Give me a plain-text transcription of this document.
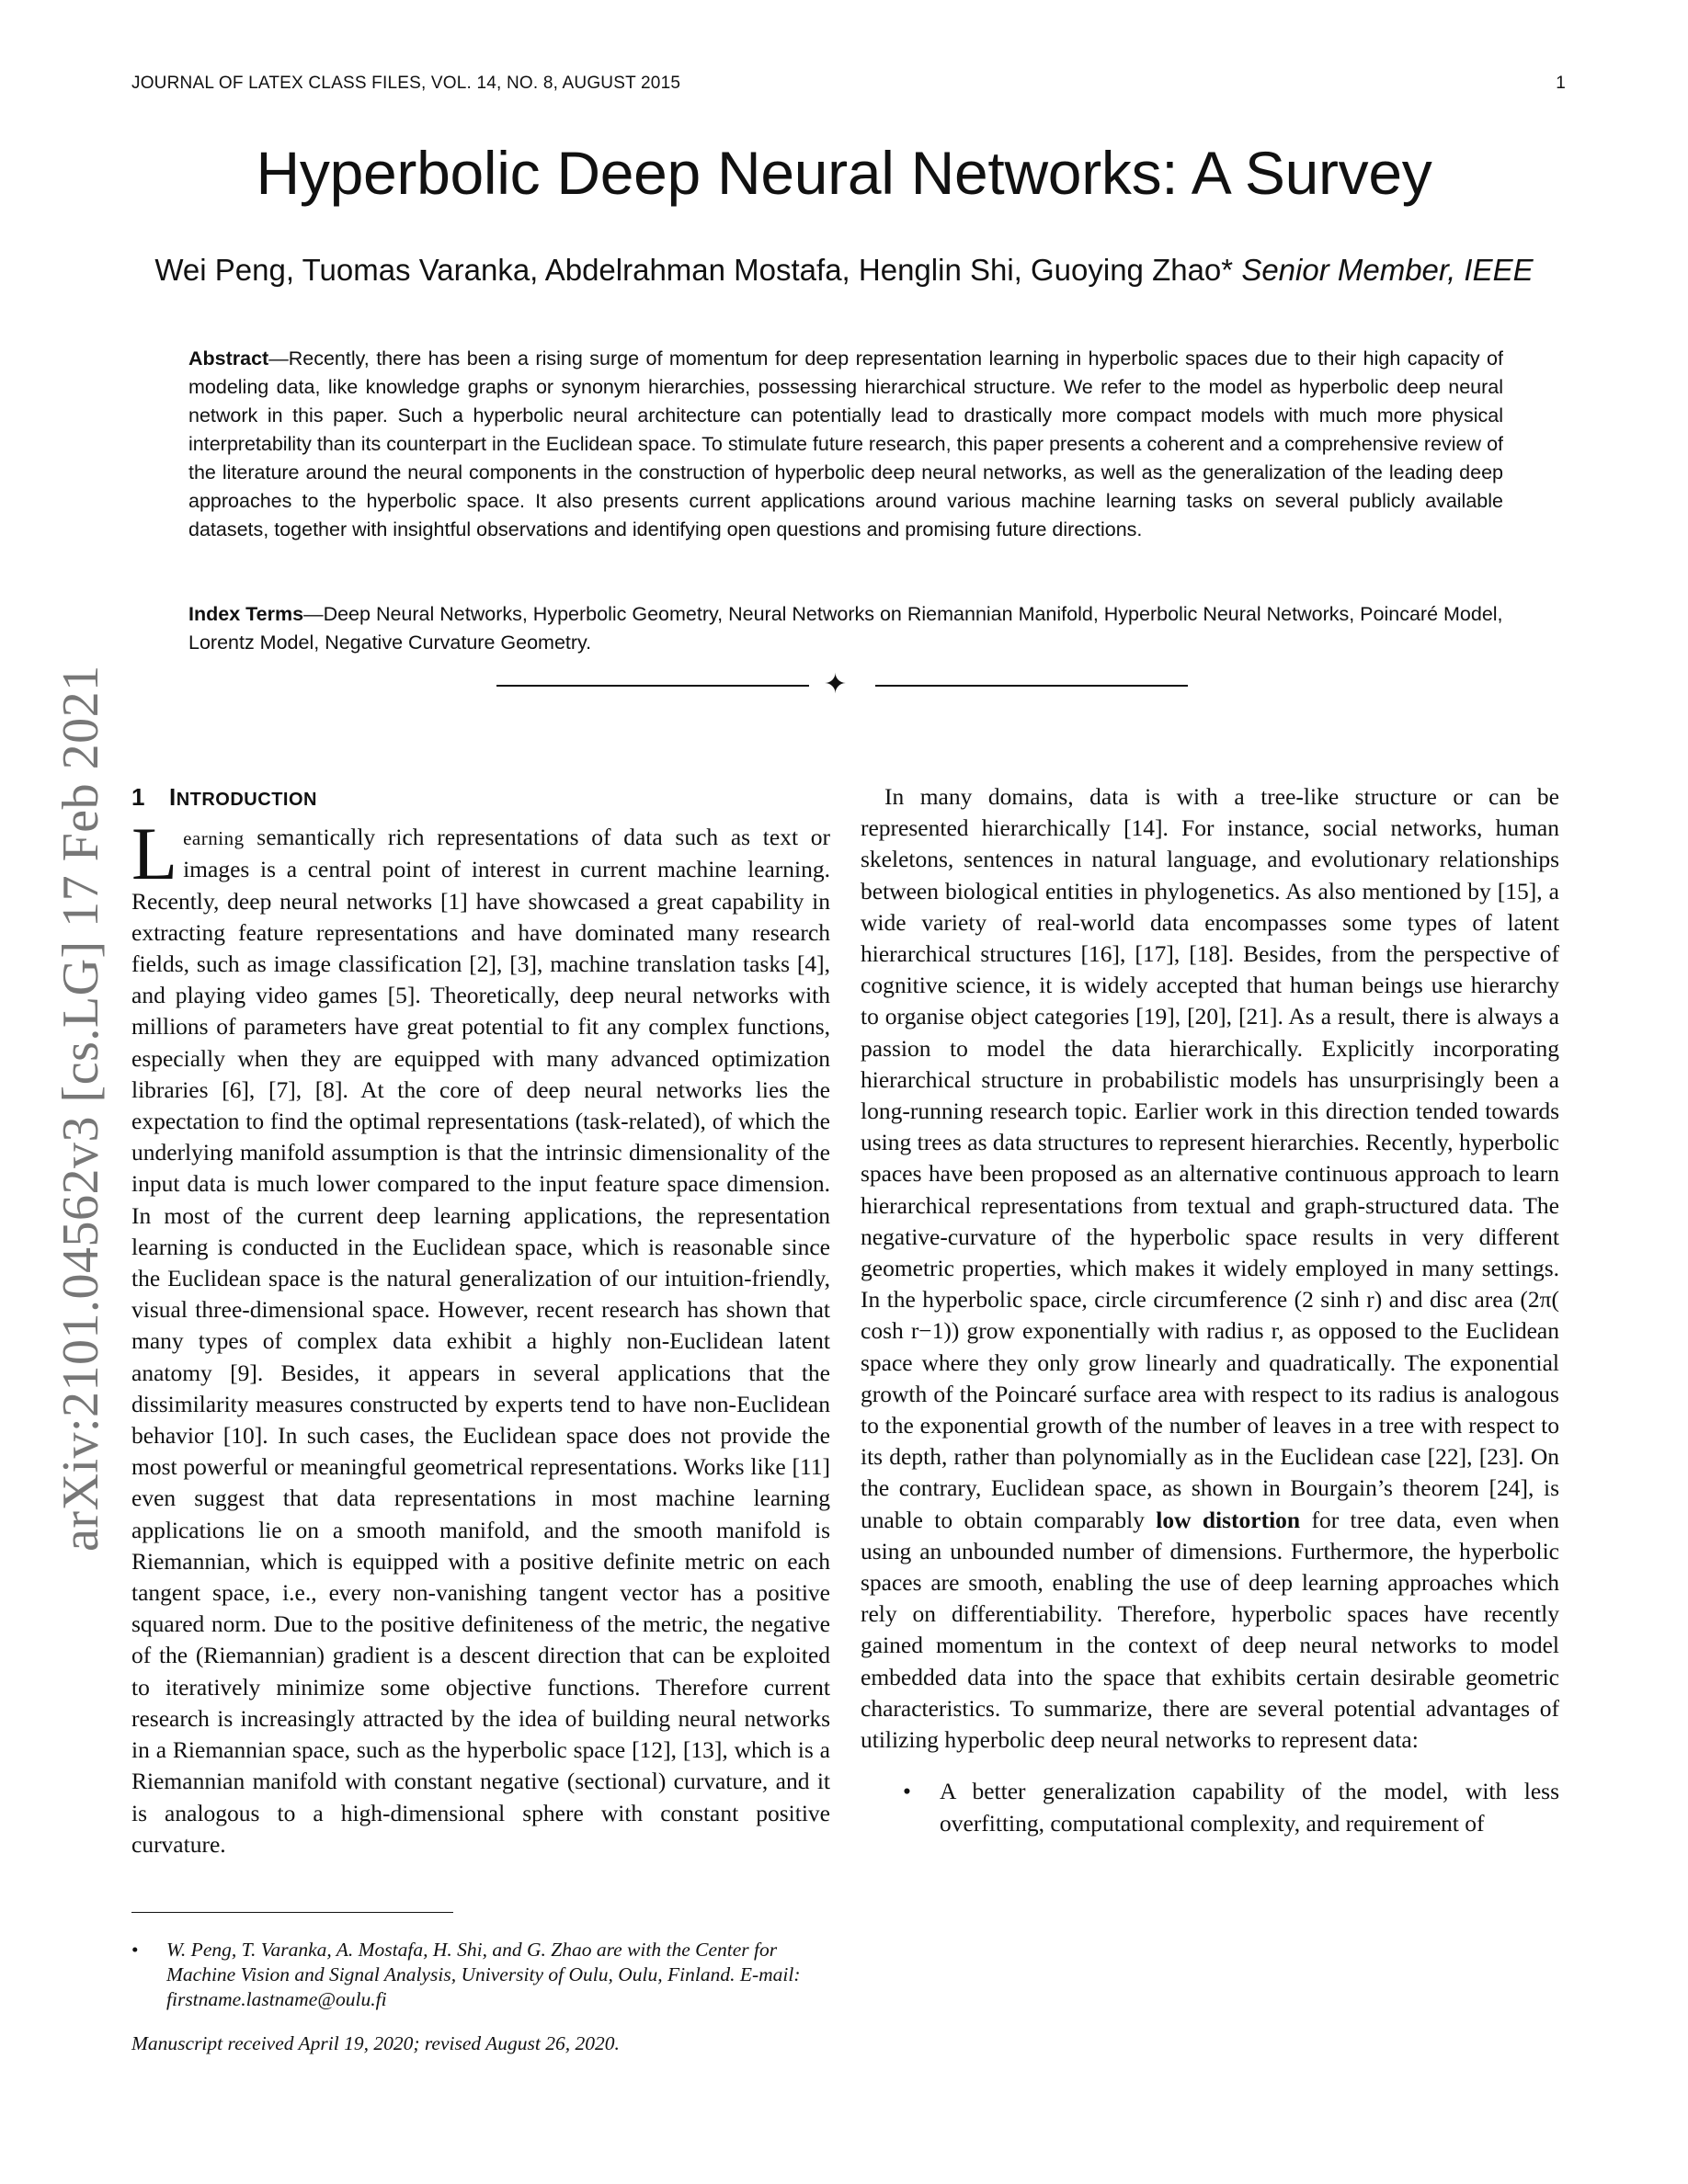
JOURNAL OF LATEX CLASS FILES, VOL. 14, NO. 8, AUGUST 2015	1
Hyperbolic Deep Neural Networks: A Survey
Wei Peng, Tuomas Varanka, Abdelrahman Mostafa, Henglin Shi, Guoying Zhao* Senior Member, IEEE
Abstract—Recently, there has been a rising surge of momentum for deep representation learning in hyperbolic spaces due to their high capacity of modeling data, like knowledge graphs or synonym hierarchies, possessing hierarchical structure. We refer to the model as hyperbolic deep neural network in this paper. Such a hyperbolic neural architecture can potentially lead to drastically more compact models with much more physical interpretability than its counterpart in the Euclidean space. To stimulate future research, this paper presents a coherent and a comprehensive review of the literature around the neural components in the construction of hyperbolic deep neural networks, as well as the generalization of the leading deep approaches to the hyperbolic space. It also presents current applications around various machine learning tasks on several publicly available datasets, together with insightful observations and identifying open questions and promising future directions.
Index Terms—Deep Neural Networks, Hyperbolic Geometry, Neural Networks on Riemannian Manifold, Hyperbolic Neural Networks, Poincaré Model, Lorentz Model, Negative Curvature Geometry.
✦
arXiv:2101.04562v3 [cs.LG] 17 Feb 2021 1 INTRODUCTION

Learning semantically rich representations of data such as text or images is a central point of interest in current machine learning. Recently, deep neural networks [1] have showcased a great capability in extracting feature representations and have dominated many research fields, such as image classification [2], [3], machine translation tasks [4], and playing video games [5]. Theoretically, deep neural networks with millions of parameters have great potential to fit any complex functions, especially when they are equipped with many advanced optimization libraries [6], [7], [8]. At the core of deep neural networks lies the expectation to find the optimal representations (task-related), of which the underlying manifold assumption is that the intrinsic dimensionality of the input data is much lower compared to the input feature space dimension. In most of the current deep learning applications, the representation learning is conducted in the Euclidean space, which is reasonable since the Euclidean space is the natural generalization of our intuition-friendly, visual three-dimensional space. However, recent research has shown that many types of complex data exhibit a highly non-Euclidean latent anatomy [9]. Besides, it appears in several applications that the dissimilarity measures constructed by experts tend to have non-Euclidean behavior [10]. In such cases, the Euclidean space does not provide the most powerful or meaningful geometrical representations. Works like [11] even suggest that data representations in most machine learning applications lie on a smooth manifold, and the smooth manifold is Riemannian, which is equipped with a positive definite metric on each tangent space, i.e., every non-vanishing tangent vector has a positive squared norm. Due to the positive definiteness of the metric, the negative of the (Riemannian) gradient is a descent direction that can be exploited to iteratively minimize some objective functions. Therefore current research is increasingly attracted by the idea of building neural networks in a Riemannian space, such as the hyperbolic space [12], [13], which is a Riemannian manifold with constant negative (sectional) curvature, and it is analogous to a high-dimensional sphere with constant positive curvature.

In many domains, data is with a tree-like structure or can be represented hierarchically [14]. For instance, social networks, human skeletons, sentences in natural language, and evolutionary relationships between biological entities in phylogenetics. As also mentioned by [15], a wide variety of real-world data encompasses some types of latent hierarchical structures [16], [17], [18]. Besides, from the perspective of cognitive science, it is widely accepted that human beings use hierarchy to organise object categories [19], [20], [21]. As a result, there is always a passion to model the data hierarchically. Explicitly incorporating hierarchical structure in probabilistic models has unsurprisingly been a long-running research topic. Earlier work in this direction tended towards using trees as data structures to represent hierarchies. Recently, hyperbolic spaces have been proposed as an alternative continuous approach to learn hierarchical representations from textual and graph-structured data. The negative-curvature of the hyperbolic space results in very different geometric properties, which makes it widely employed in many settings. In the hyperbolic space, circle circumference (2 sinh r) and disc area (2π( cosh r−1)) grow exponentially with radius r, as opposed to the Euclidean space where they only grow linearly and quadratically. The exponential growth of the Poincaré surface area with respect to its radius is analogous to the exponential growth of the number of leaves in a tree with respect to its depth, rather than polynomially as in the Euclidean case [22], [23]. On the contrary, Euclidean space, as shown in Bourgain’s theorem [24], is unable to obtain comparably low distortion for tree data, even when using an unbounded number of dimensions. Furthermore, the hyperbolic spaces are smooth, enabling the use of deep learning approaches which rely on differentiability. Therefore, hyperbolic spaces have recently gained momentum in the context of deep neural networks to model embedded data into the space that exhibits certain desirable geometric characteristics. To summarize, there are several potential advantages of utilizing hyperbolic deep neural networks to represent data:

• A better generalization capability of the model, with less overfitting, computational complexity, and requirement of
• W. Peng, T. Varanka, A. Mostafa, H. Shi, and G. Zhao are with the Center for Machine Vision and Signal Analysis, University of Oulu, Oulu, Finland. E-mail: firstname.lastname@oulu.fi
Manuscript received April 19, 2020; revised August 26, 2020.
